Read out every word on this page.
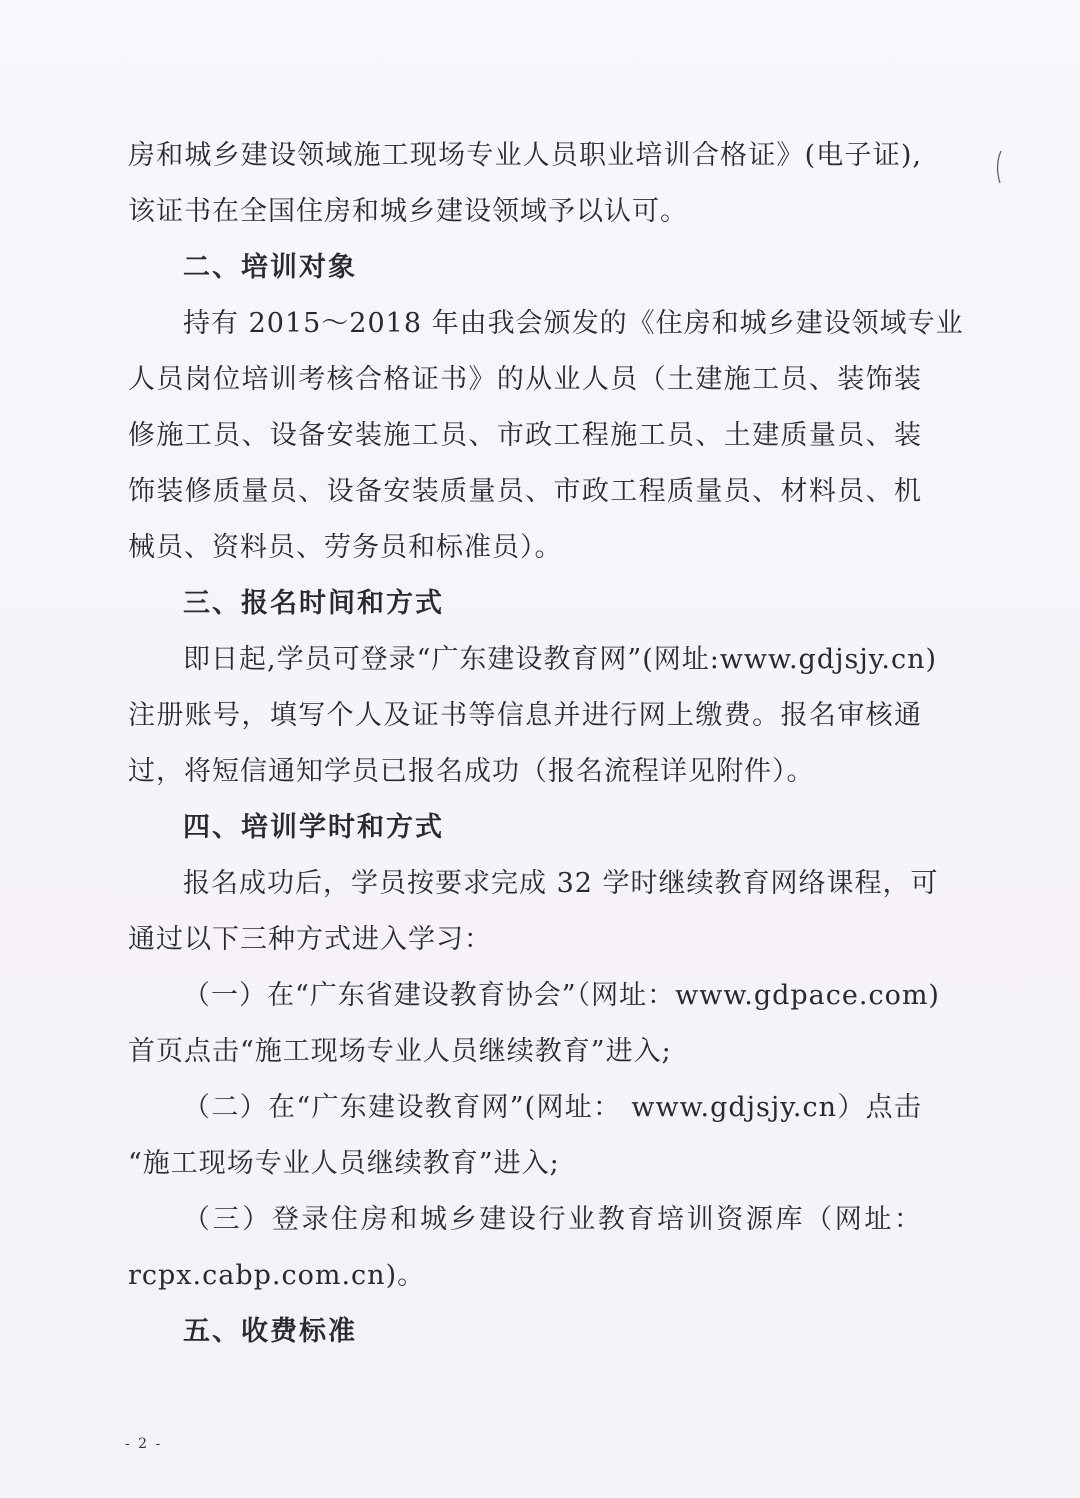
房和城乡建设领域施工现场专业人员职业培训合格证》(电子证),
该证书在全国住房和城乡建设领域予以认可。
二、培训对象
持有 2015～2018 年由我会颁发的《住房和城乡建设领域专业
人员岗位培训考核合格证书》的从业人员（土建施工员、装饰装
修施工员、设备安装施工员、市政工程施工员、土建质量员、装
饰装修质量员、设备安装质量员、市政工程质量员、材料员、机
械员、资料员、劳务员和标准员）。
三、报名时间和方式
即日起,学员可登录“广东建设教育网”(网址:www.gdjsjy.cn)
注册账号，填写个人及证书等信息并进行网上缴费。报名审核通
过，将短信通知学员已报名成功（报名流程详见附件）。
四、培训学时和方式
报名成功后，学员按要求完成 32 学时继续教育网络课程，可
通过以下三种方式进入学习：
（一）在“广东省建设教育协会”（网址：www.gdpace.com)
首页点击“施工现场专业人员继续教育”进入;
（二）在“广东建设教育网”(网址： www.gdjsjy.cn）点击
“施工现场专业人员继续教育”进入;
（三）登录住房和城乡建设行业教育培训资源库（网址：
rcpx.cabp.com.cn)。
五、收费标准
- 2 -
